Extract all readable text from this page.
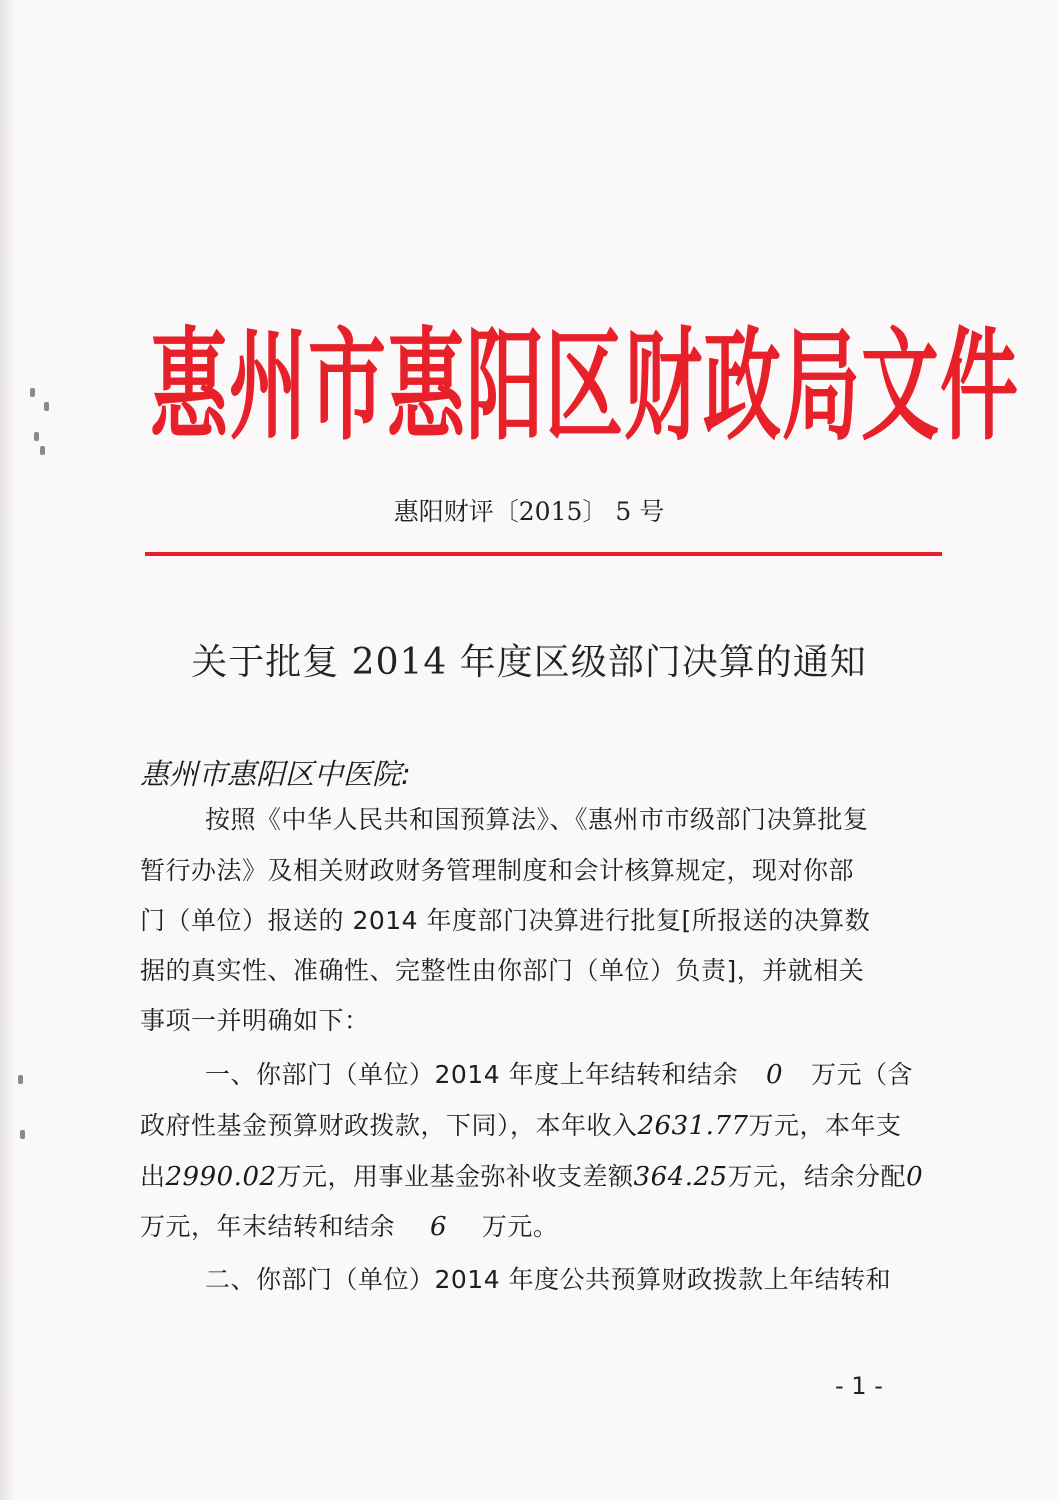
惠州市惠阳区财政局文件
惠阳财评〔2015〕 5 号
关于批复 2014 年度区级部门决算的通知
惠州市惠阳区中医院:
按照《中华人民共和国预算法》、《惠州市市级部门决算批复
暂行办法》及相关财政财务管理制度和会计核算规定，现对你部
门（单位）报送的 2014 年度部门决算进行批复[所报送的决算数
据的真实性、准确性、完整性由你部门（单位）负责]，并就相关
事项一并明确如下：
一、你部门（单位）2014 年度上年结转和结余 0 万元（含
政府性基金预算财政拨款，下同），本年收入2631.77万元，本年支
出2990.02万元，用事业基金弥补收支差额364.25万元，结余分配0
万元，年末结转和结余 6 万元。
二、你部门（单位）2014 年度公共预算财政拨款上年结转和
- 1 -
